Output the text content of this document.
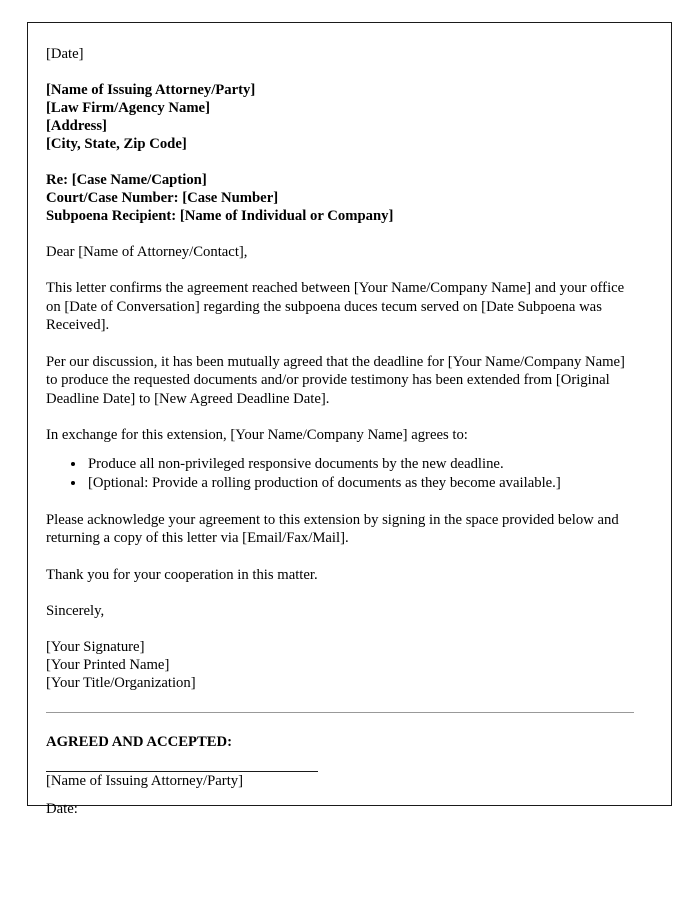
[Date]
[Name of Issuing Attorney/Party]
[Law Firm/Agency Name]
[Address]
[City, State, Zip Code]
Re: [Case Name/Caption]
Court/Case Number: [Case Number]
Subpoena Recipient: [Name of Individual or Company]
Dear [Name of Attorney/Contact],

This letter confirms the agreement reached between [Your Name/Company Name] and your office on [Date of Conversation] regarding the subpoena duces tecum served on [Date Subpoena was Received].

Per our discussion, it has been mutually agreed that the deadline for [Your Name/Company Name] to produce the requested documents and/or provide testimony has been extended from [Original Deadline Date] to [New Agreed Deadline Date].

In exchange for this extension, [Your Name/Company Name] agrees to:

• Produce all non-privileged responsive documents by the new deadline.
• [Optional: Provide a rolling production of documents as they become available.]

Please acknowledge your agreement to this extension by signing in the space provided below and returning a copy of this letter via [Email/Fax/Mail].

Thank you for your cooperation in this matter.

Sincerely,
[Your Signature]
[Your Printed Name]
[Your Title/Organization]
AGREED AND ACCEPTED:
[Name of Issuing Attorney/Party]
Date:
